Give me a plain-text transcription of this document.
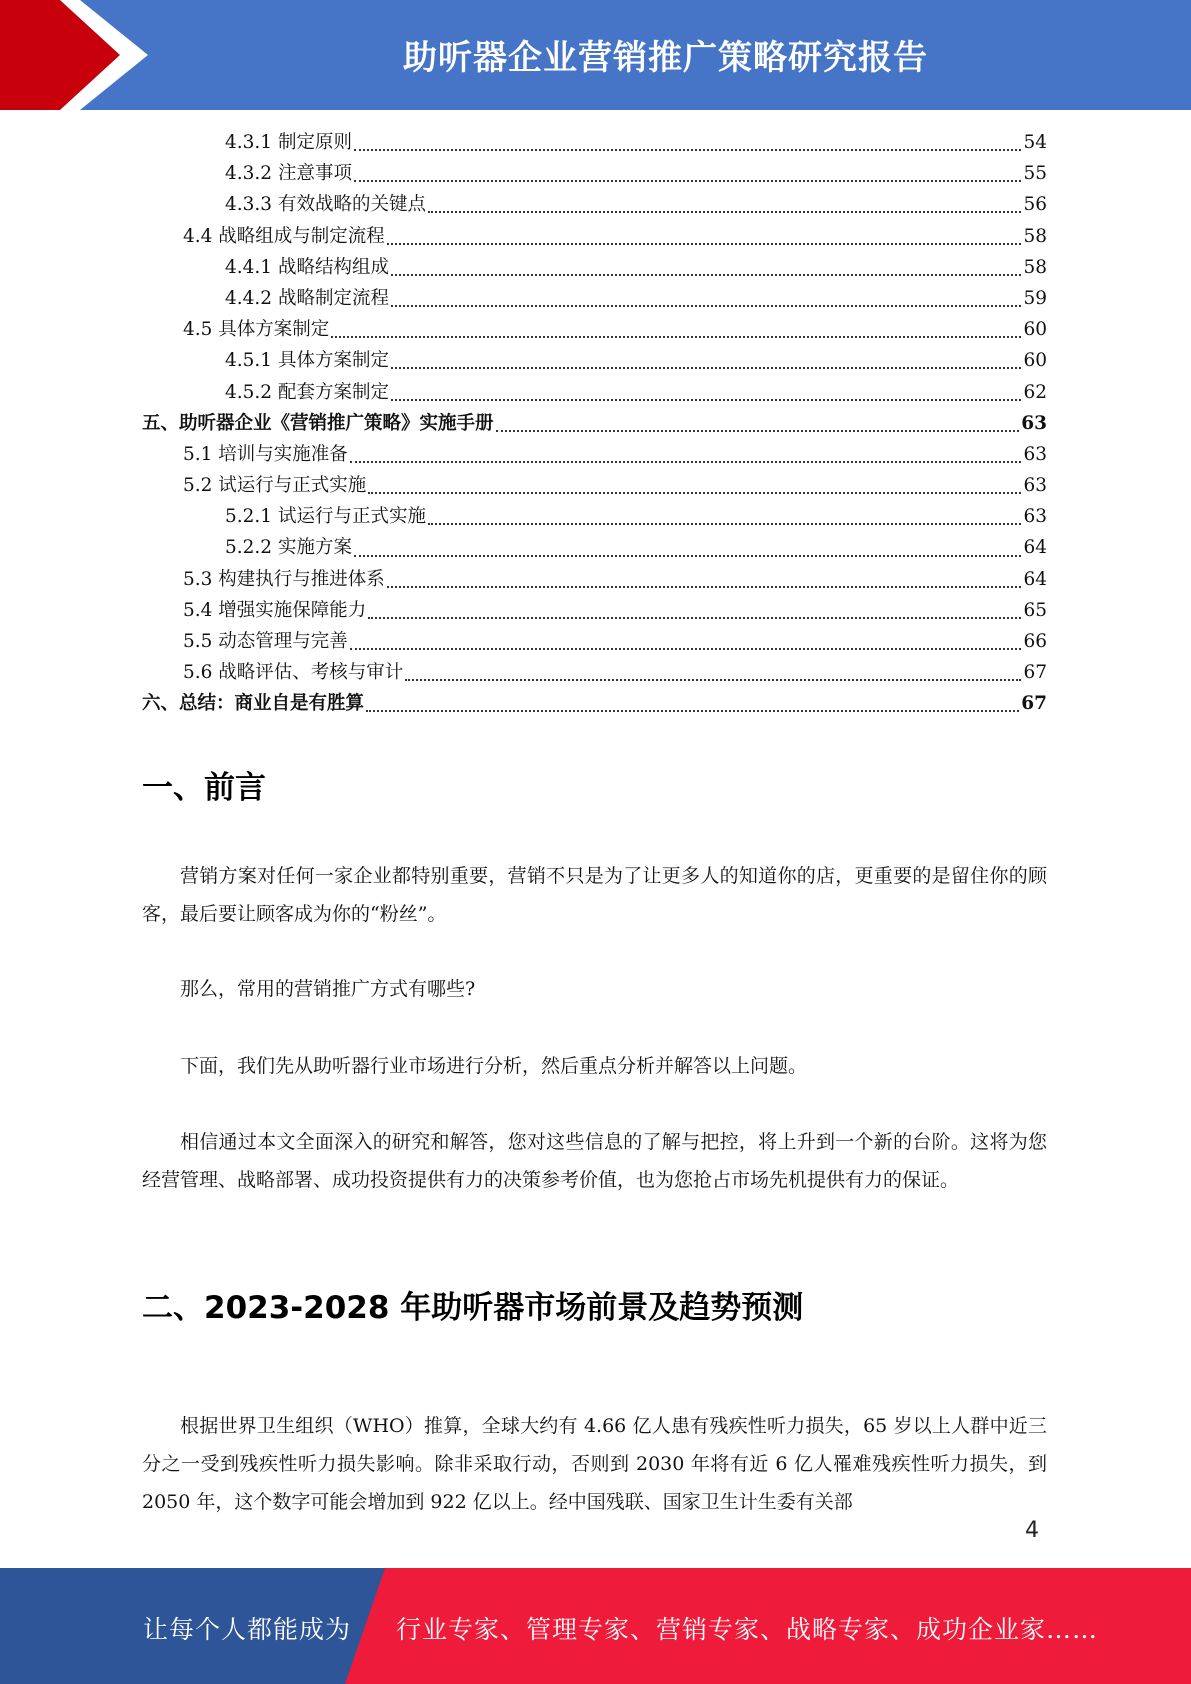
助听器企业营销推广策略研究报告
4.3.1 制定原则	54
4.3.2 注意事项	55
4.3.3 有效战略的关键点	56
4.4 战略组成与制定流程	58
4.4.1 战略结构组成	58
4.4.2 战略制定流程	59
4.5 具体方案制定	60
4.5.1 具体方案制定	60
4.5.2 配套方案制定	62
五、助听器企业《营销推广策略》实施手册	63
5.1 培训与实施准备	63
5.2 试运行与正式实施	63
5.2.1 试运行与正式实施	63
5.2.2 实施方案	64
5.3 构建执行与推进体系	64
5.4 增强实施保障能力	65
5.5 动态管理与完善	66
5.6 战略评估、考核与审计	67
六、总结：商业自是有胜算	67
一、前言
营销方案对任何一家企业都特别重要，营销不只是为了让更多人的知道你的店，更重要的是留住你的顾客，最后要让顾客成为你的“粉丝”。
那么，常用的营销推广方式有哪些?
下面，我们先从助听器行业市场进行分析，然后重点分析并解答以上问题。
相信通过本文全面深入的研究和解答，您对这些信息的了解与把控，将上升到一个新的台阶。这将为您经营管理、战略部署、成功投资提供有力的决策参考价值，也为您抢占市场先机提供有力的保证。
二、2023-2028 年助听器市场前景及趋势预测
根据世界卫生组织（WHO）推算，全球大约有 4.66 亿人患有残疾性听力损失，65 岁以上人群中近三分之一受到残疾性听力损失影响。除非采取行动，否则到 2030 年将有近 6 亿人罹难残疾性听力损失，到 2050 年，这个数字可能会增加到 922 亿以上。经中国残联、国家卫生计生委有关部
4
让每个人都能成为 行业专家、管理专家、营销专家、战略专家、成功企业家……
